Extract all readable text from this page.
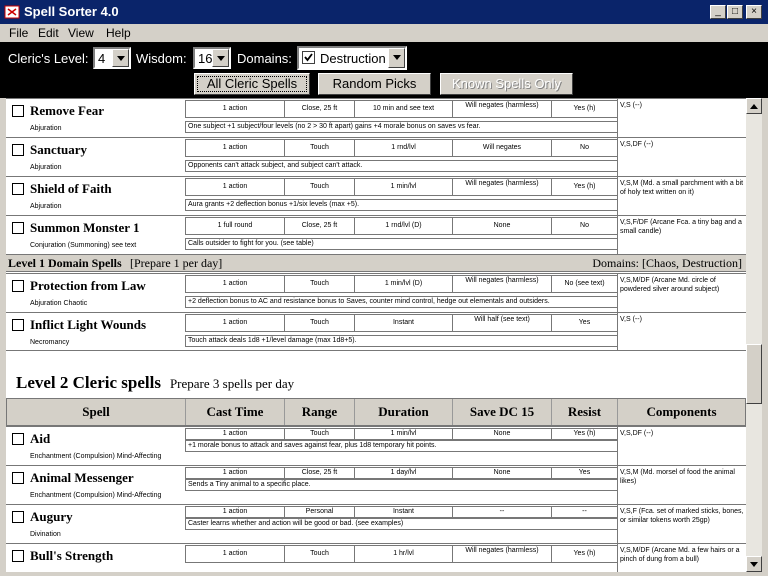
Spell Sorter 4.0	_	□	×
File Edit View Help
Cleric's Level: 4 Wisdom: 16 Domains: Destruction
All Cleric Spells	Random Picks	Known Spells Only
Remove Fear
Abjuration
1 action	Close, 25 ft	10 min and see text	Will negates (harmless)	Yes (h)
One subject +1 subject/four levels (no 2 > 30 ft apart) gains +4 morale bonus on saves vs fear.
V,S (--)
Sanctuary
Abjuration
1 action	Touch	1 rnd/lvl	Will negates	No
Opponents can't attack subject, and subject can't attack.
V,S,DF (--)
Shield of Faith
Abjuration
1 action	Touch	1 min/lvl	Will negates (harmless)	Yes (h)
Aura grants +2 deflection bonus +1/six levels (max +5).
V,S,M (Md. a small parchment with a bit of holy text written on it)
Summon Monster 1
Conjuration (Summoning) see text
1 full round	Close, 25 ft	1 rnd/lvl (D)	None	No
Calls outsider to fight for you. (see table)
V,S,F/DF (Arcane Fca. a tiny bag and a small candle)
Level 1 Domain Spells [Prepare 1 per day]	Domains: [Chaos, Destruction]
Protection from Law
Abjuration Chaotic
1 action	Touch	1 min/lvl (D)	Will negates (harmless)	No (see text)
+2 deflection bonus to AC and resistance bonus to Saves, counter mind control, hedge out elementals and outsiders.
V,S,M/DF (Arcane Md. circle of powdered silver around subject)
Inflict Light Wounds
Necromancy
1 action	Touch	Instant	Will half (see text)	Yes
Touch attack deals 1d8 +1/level damage (max 1d8+5).
V,S (--)
Level 2 Cleric spells Prepare 3 spells per day
Spell	Cast Time	Range	Duration	Save DC 15	Resist	Components
Aid
Enchantment (Compulsion) Mind-Affecting
1 action	Touch	1 min/lvl	None	Yes (h)
+1 morale bonus to attack and saves against fear, plus 1d8 temporary hit points.
V,S,DF (--)
Animal Messenger
Enchantment (Compulsion) Mind-Affecting
1 action	Close, 25 ft	1 day/lvl	None	Yes
Sends a Tiny animal to a specific place.
V,S,M (Md. morsel of food the animal likes)
Augury
Divination
1 action	Personal	Instant	--	--
Caster learns whether and action will be good or bad. (see examples)
V,S,F (Fca. set of marked sticks, bones, or similar tokens worth 25gp)
Bull's Strength	1 action	Touch	1 hr/lvl	Will negates (harmless)	Yes (h)	V,S,M/DF (Arcane Md. a few hairs or a pinch of dung from a bull)
